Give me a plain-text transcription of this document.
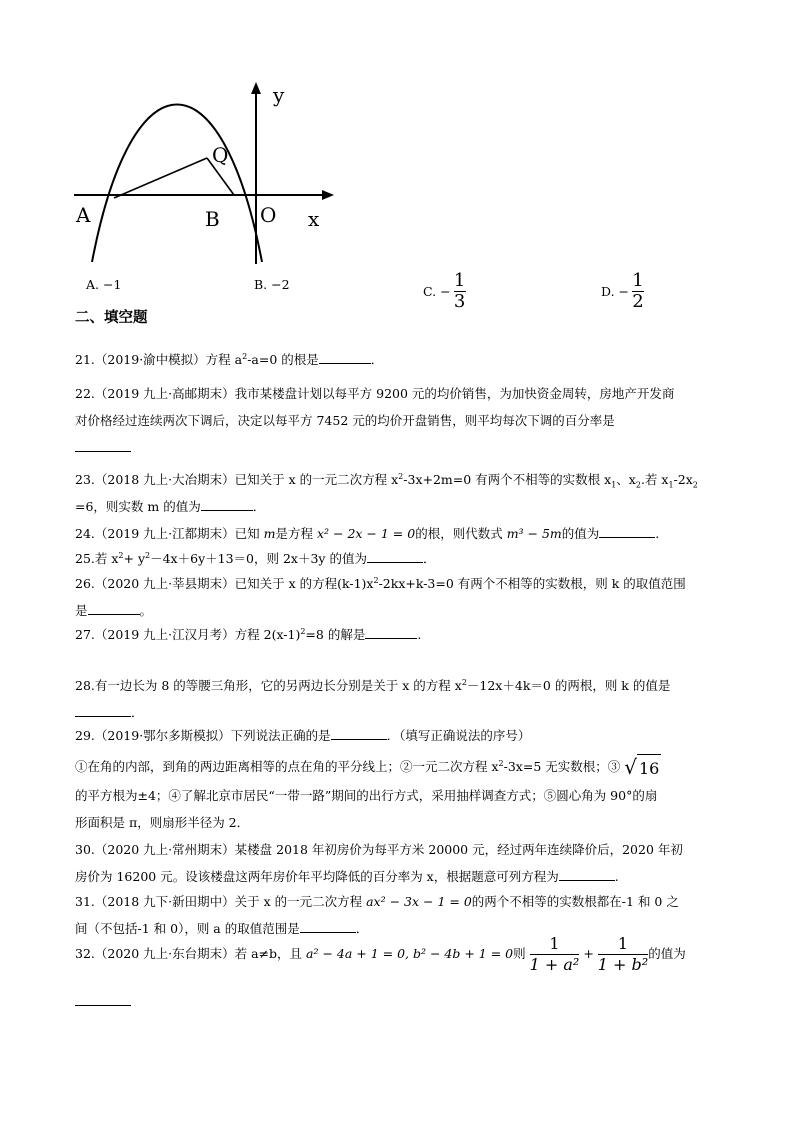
y
x
A	B O
Q
A. −1	B. −2	C. − $\frac{1}{3}$	D. − $\frac{1}{2}$
二、填空题
21.（2019·渝中模拟）方程 $a^2-a=0$ 的根是	．
22.（2019 九上·高邮期末）我市某楼盘计划以每平方 9200 元的均价销售，为加快资金周转，房地产开发商
对价格经过连续两次下调后，决定以每平方 7452 元的均价开盘销售，则平均每次下调的百分率是
23.（2018 九上·大冶期末）已知关于 x 的一元二次方程 $x^2-3x+2m=0$ 有两个不相等的实数根 $x_1$、$x_2$.若 $x_1-2x_2$
=6，则实数 m 的值为	．
24.（2019 九上·江都期末）已知 m是方程 x² − 2x − 1 = 0的根，则代数式 m³ − 5m的值为	.
25.若 $x^2+ y^2-4x+6y+13=0$，则 2x＋3y 的值为	．
26.（2020 九上·莘县期末）已知关于 x 的方程$(k-1)x^2-2kx+k-3=0$ 有两个不相等的实数根，则 k 的取值范围
是	。
27.（2019 九上·江汉月考）方程 $2(x-1)^2=8$ 的解是	.
28.有一边长为 8 的等腰三角形，它的另两边长分别是关于 x 的方程 $x^2-12x+4k=0$ 的两根，则 k 的值是
．
29.（2019·鄂尔多斯模拟）下列说法正确的是	．（填写正确说法的序号）
①在角的内部，到角的两边距离相等的点在角的平分线上；②一元二次方程 $x^2-3x=5$ 无实数根；③ √ 16
的平方根为±4；④了解北京市居民“一带一路”期间的出行方式，采用抽样调查方式；⑤圆心角为 90°的扇
形面积是 π，则扇形半径为 2．
30.（2020 九上·常州期末）某楼盘 2018 年初房价为每平方米 20000 元，经过两年连续降价后，2020 年初
房价为 16200 元。设该楼盘这两年房价年平均降低的百分率为 x，根据题意可列方程为	.
31.（2018 九下·新田期中）关于 x 的一元二次方程 ax² − 3x − 1 = 0的两个不相等的实数根都在-1 和 0 之
间（不包括-1 和 0），则 a 的取值范围是	．
32.（2020 九上·东台期末）若 a≠b，且 a² − 4a + 1 = 0, b² − 4b + 1 = 0则 $\frac{1}{\text{1 + a²}} + \frac{1}{\text{1 + b²}}$ 的值为
